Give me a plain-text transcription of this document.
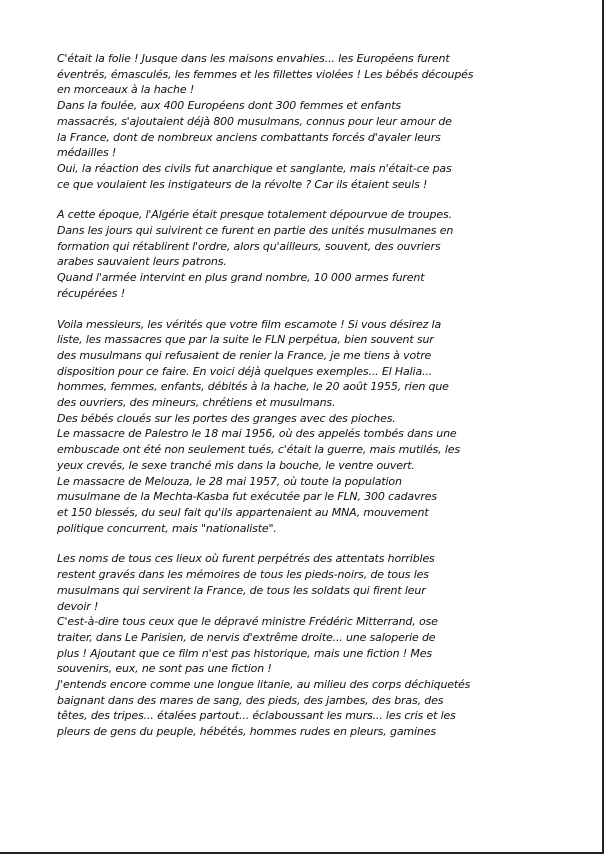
C'était la folie ! Jusque dans les maisons envahies... les Européens furent
éventrés, émasculés, les femmes et les fillettes violées ! Les bébés découpés
en morceaux à la hache !
Dans la foulée, aux 400 Européens dont 300 femmes et enfants
massacrés, s'ajoutaient déjà 800 musulmans, connus pour leur amour de
la France, dont de nombreux anciens combattants forcés d'avaler leurs
médailles !
Oui, la réaction des civils fut anarchique et sanglante, mais n'était-ce pas
ce que voulaient les instigateurs de la révolte ? Car ils étaient seuls !
A cette époque, l'Algérie était presque totalement dépourvue de troupes.
Dans les jours qui suivirent ce furent en partie des unités musulmanes en
formation qui rétablirent l'ordre, alors qu'ailleurs, souvent, des ouvriers
arabes sauvaient leurs patrons.
Quand l'armée intervint en plus grand nombre, 10 000 armes furent
récupérées !
Voila messieurs, les vérités que votre film escamote ! Si vous désirez la
liste, les massacres que par la suite le FLN perpétua, bien souvent sur
des musulmans qui refusaient de renier la France, je me tiens à votre
disposition pour ce faire. En voici déjà quelques exemples... El Halia...
hommes, femmes, enfants, débités à la hache, le 20 août 1955, rien que
des ouvriers, des mineurs, chrétiens et musulmans.
Des bébés cloués sur les portes des granges avec des pioches.
Le massacre de Palestro le 18 mai 1956, où des appelés tombés dans une
embuscade ont été non seulement tués, c'était la guerre, mais mutilés, les
yeux crevés, le sexe tranché mis dans la bouche, le ventre ouvert.
Le massacre de Melouza, le 28 mai 1957, où toute la population
musulmane de la Mechta-Kasba fut exécutée par le FLN, 300 cadavres
et 150 blessés, du seul fait qu'ils appartenaient au MNA, mouvement
politique concurrent, mais "nationaliste".
Les noms de tous ces lieux où furent perpétrés des attentats horribles
restent gravés dans les mémoires de tous les pieds-noirs, de tous les
musulmans qui servirent la France, de tous les soldats qui firent leur
devoir !
C'est-à-dire tous ceux que le dépravé ministre Frédéric Mitterrand, ose
traiter, dans Le Parisien, de nervis d'extrême droite... une saloperie de
plus ! Ajoutant que ce film n'est pas historique, mais une fiction ! Mes
souvenirs, eux, ne sont pas une fiction !
J'entends encore comme une longue litanie, au milieu des corps déchiquetés
baignant dans des mares de sang, des pieds, des jambes, des bras, des
têtes, des tripes... étalées partout... éclaboussant les murs... les cris et les
pleurs de gens du peuple, hébétés, hommes rudes en pleurs, gamines
